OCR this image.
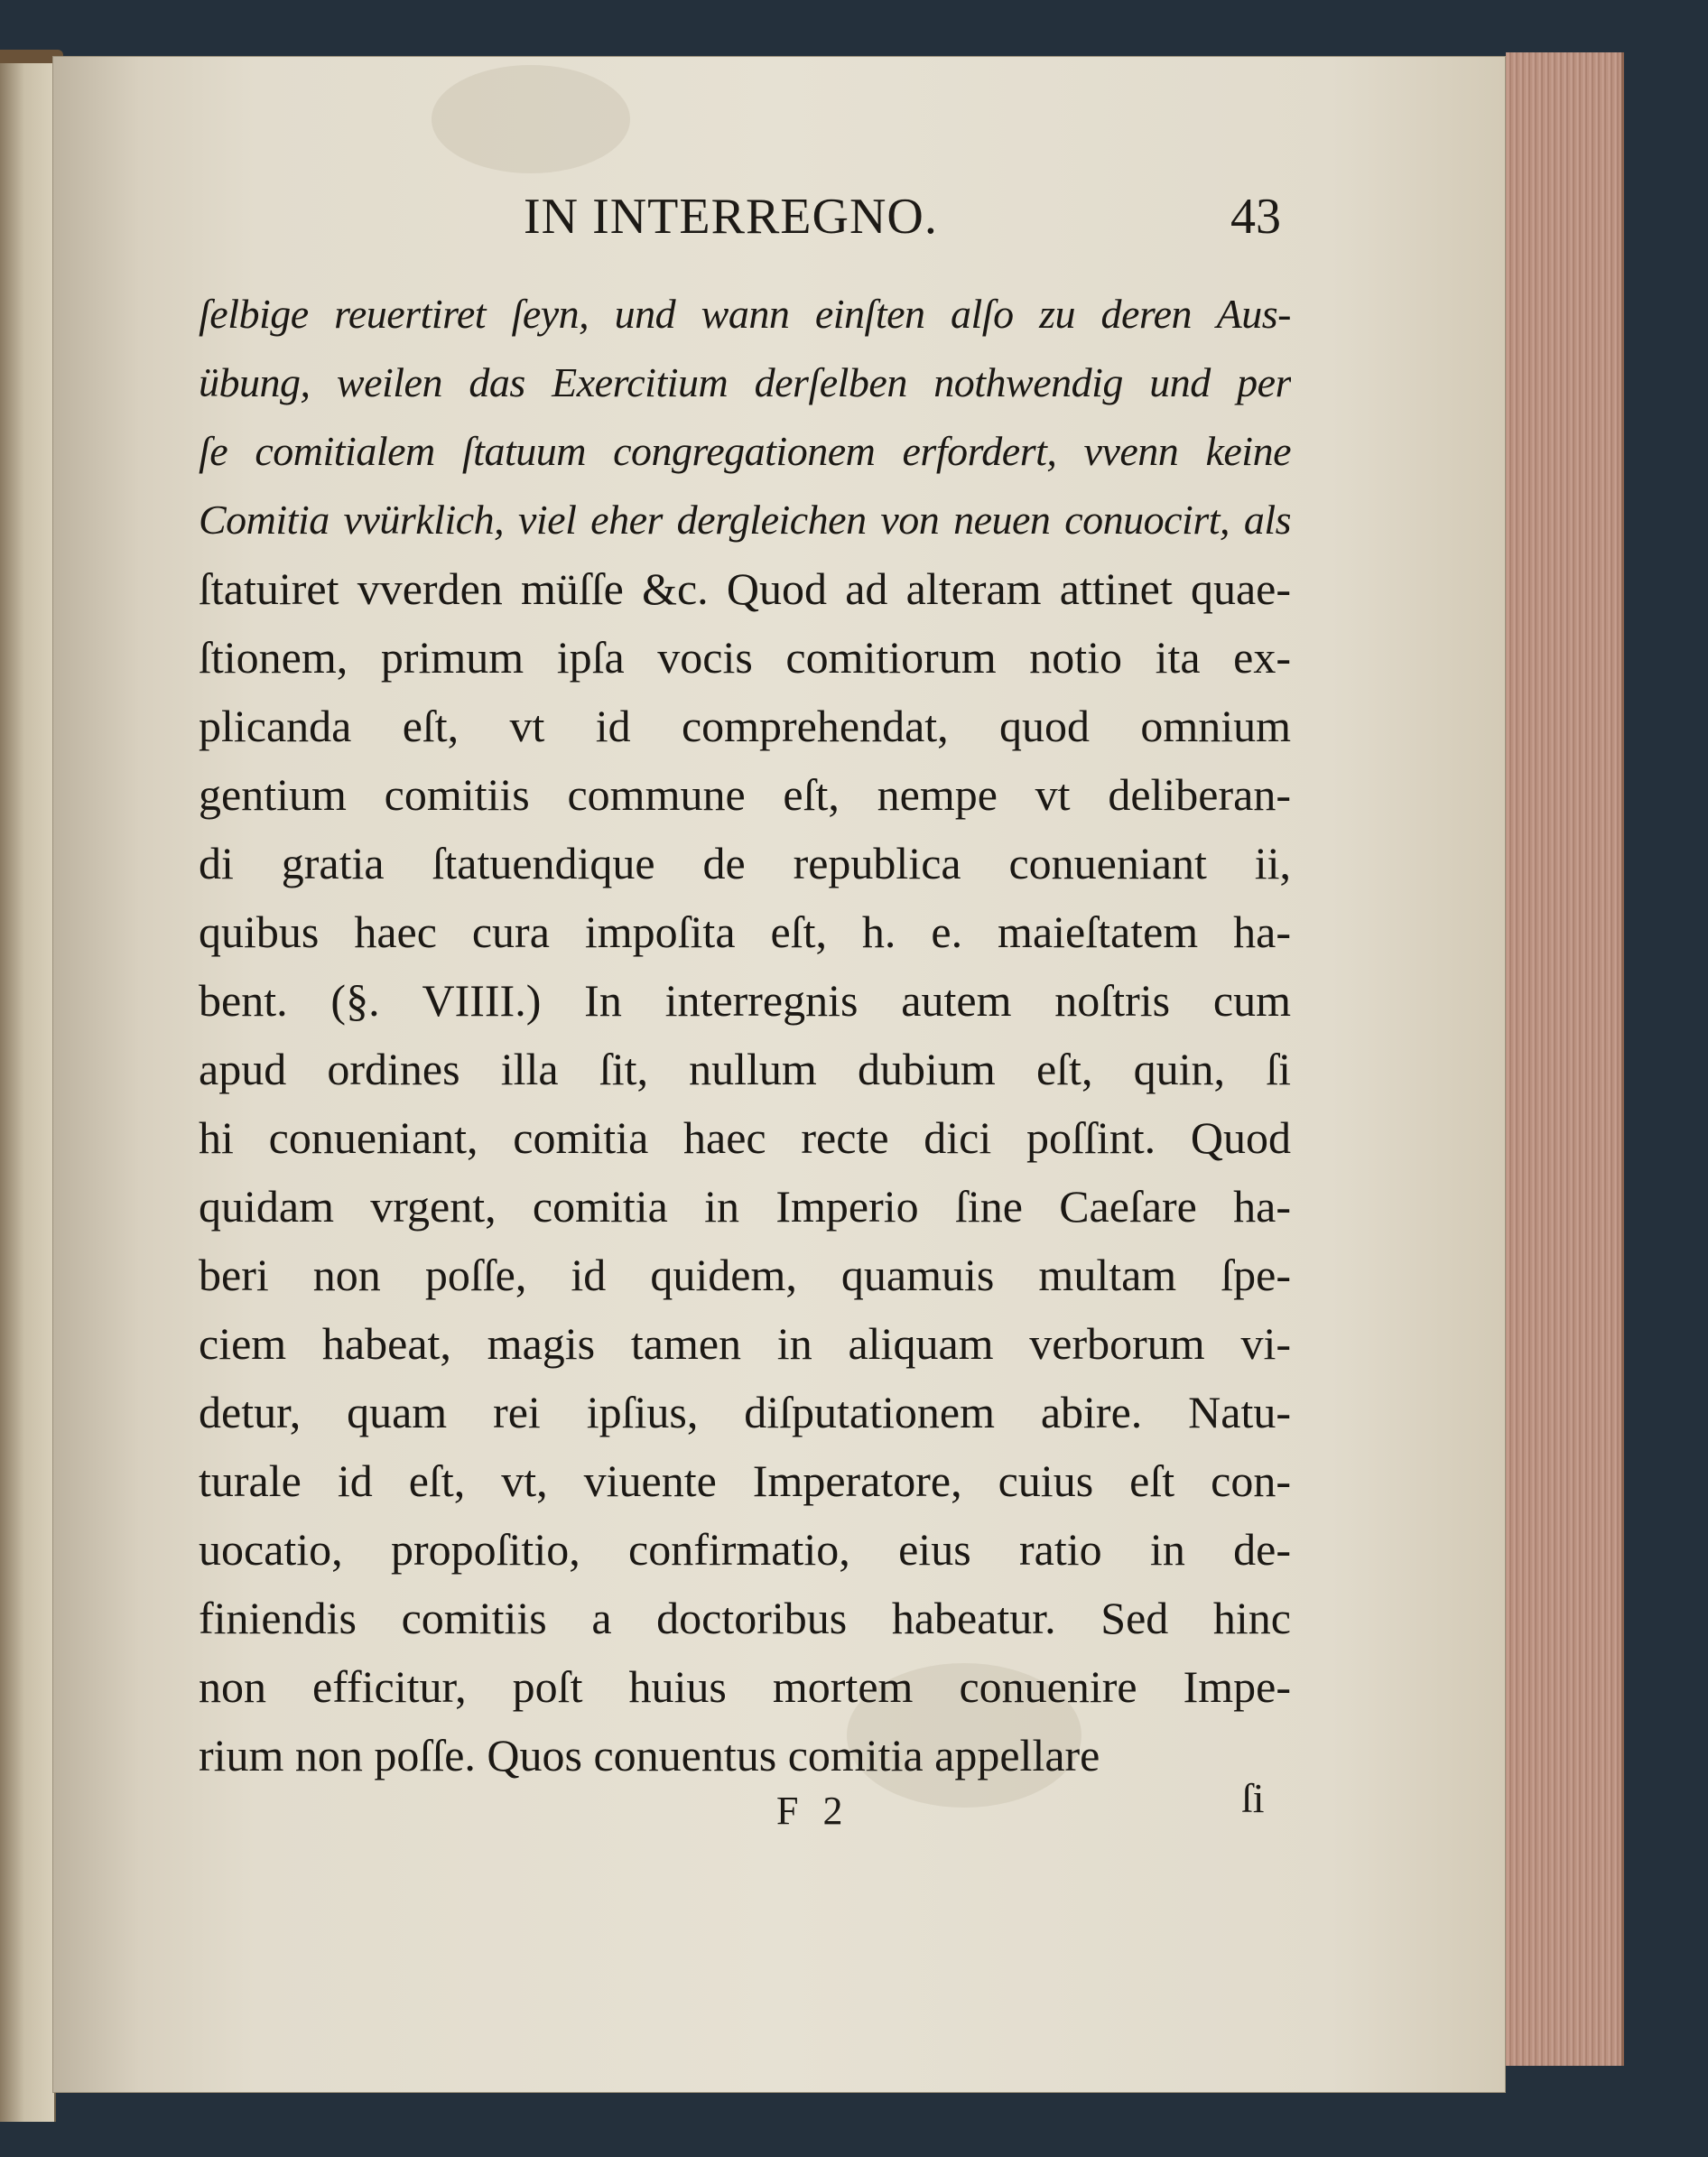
IN INTERREGNO.	43
ſelbige reuertiret ſeyn, und wann einſten alſo zu deren Aus-
übung, weilen das Exercitium derſelben nothwendig und per
ſe comitialem ſtatuum congregationem erfordert, vvenn keine
Comitia vvürklich, viel eher dergleichen von neuen conuocirt, als
ſtatuiret vverden müſſe &c. Quod ad alteram attinet quae-
ſtionem, primum ipſa vocis comitiorum notio ita ex-
plicanda eſt, vt id comprehendat, quod omnium
gentium comitiis commune eſt, nempe vt deliberan-
di gratia ſtatuendique de republica conueniant ii,
quibus haec cura impoſita eſt, h. e. maieſtatem ha-
bent. (§. VIIII.) In interregnis autem noſtris cum
apud ordines illa ſit, nullum dubium eſt, quin, ſi
hi conueniant, comitia haec recte dici poſſint. Quod
quidam vrgent, comitia in Imperio ſine Caeſare ha-
beri non poſſe, id quidem, quamuis multam ſpe-
ciem habeat, magis tamen in aliquam verborum vi-
detur, quam rei ipſius, diſputationem abire. Natu-
turale id eſt, vt, viuente Imperatore, cuius eſt con-
uocatio, propoſitio, confirmatio, eius ratio in de-
finiendis comitiis a doctoribus habeatur. Sed hinc
non efficitur, poſt huius mortem conuenire Impe-
rium non poſſe. Quos conuentus comitia appellare
F 2	ſi
